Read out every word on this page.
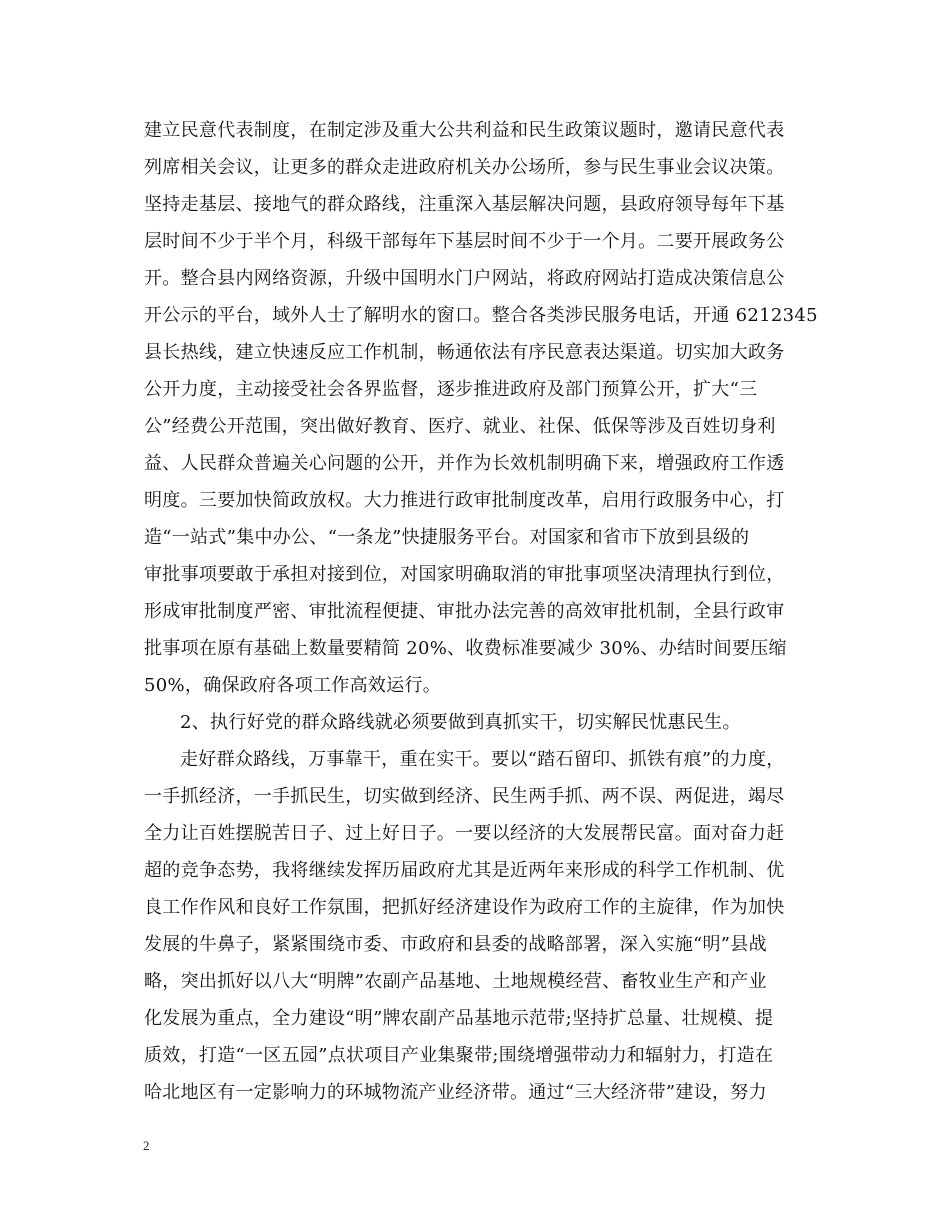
建立民意代表制度，在制定涉及重大公共利益和民生政策议题时，邀请民意代表
列席相关会议，让更多的群众走进政府机关办公场所，参与民生事业会议决策。
坚持走基层、接地气的群众路线，注重深入基层解决问题，县政府领导每年下基
层时间不少于半个月，科级干部每年下基层时间不少于一个月。二要开展政务公
开。整合县内网络资源，升级中国明水门户网站，将政府网站打造成决策信息公
开公示的平台，域外人士了解明水的窗口。整合各类涉民服务电话，开通 6212345
县长热线，建立快速反应工作机制，畅通依法有序民意表达渠道。切实加大政务
公开力度，主动接受社会各界监督，逐步推进政府及部门预算公开，扩大“三
公”经费公开范围，突出做好教育、医疗、就业、社保、低保等涉及百姓切身利
益、人民群众普遍关心问题的公开，并作为长效机制明确下来，增强政府工作透
明度。三要加快简政放权。大力推进行政审批制度改革，启用行政服务中心，打
造“一站式”集中办公、“一条龙”快捷服务平台。对国家和省市下放到县级的
审批事项要敢于承担对接到位，对国家明确取消的审批事项坚决清理执行到位，
形成审批制度严密、审批流程便捷、审批办法完善的高效审批机制，全县行政审
批事项在原有基础上数量要精简 20%、收费标准要减少 30%、办结时间要压缩
50%，确保政府各项工作高效运行。
2、执行好党的群众路线就必须要做到真抓实干，切实解民忧惠民生。
走好群众路线，万事靠干，重在实干。要以“踏石留印、抓铁有痕”的力度，
一手抓经济，一手抓民生，切实做到经济、民生两手抓、两不误、两促进，竭尽
全力让百姓摆脱苦日子、过上好日子。一要以经济的大发展帮民富。面对奋力赶
超的竞争态势，我将继续发挥历届政府尤其是近两年来形成的科学工作机制、优
良工作作风和良好工作氛围，把抓好经济建设作为政府工作的主旋律，作为加快
发展的牛鼻子，紧紧围绕市委、市政府和县委的战略部署，深入实施“明”县战
略，突出抓好以八大“明牌”农副产品基地、土地规模经营、畜牧业生产和产业
化发展为重点，全力建设“明”牌农副产品基地示范带;坚持扩总量、壮规模、提
质效，打造“一区五园”点状项目产业集聚带;围绕增强带动力和辐射力，打造在
哈北地区有一定影响力的环城物流产业经济带。通过“三大经济带”建设，努力
2
